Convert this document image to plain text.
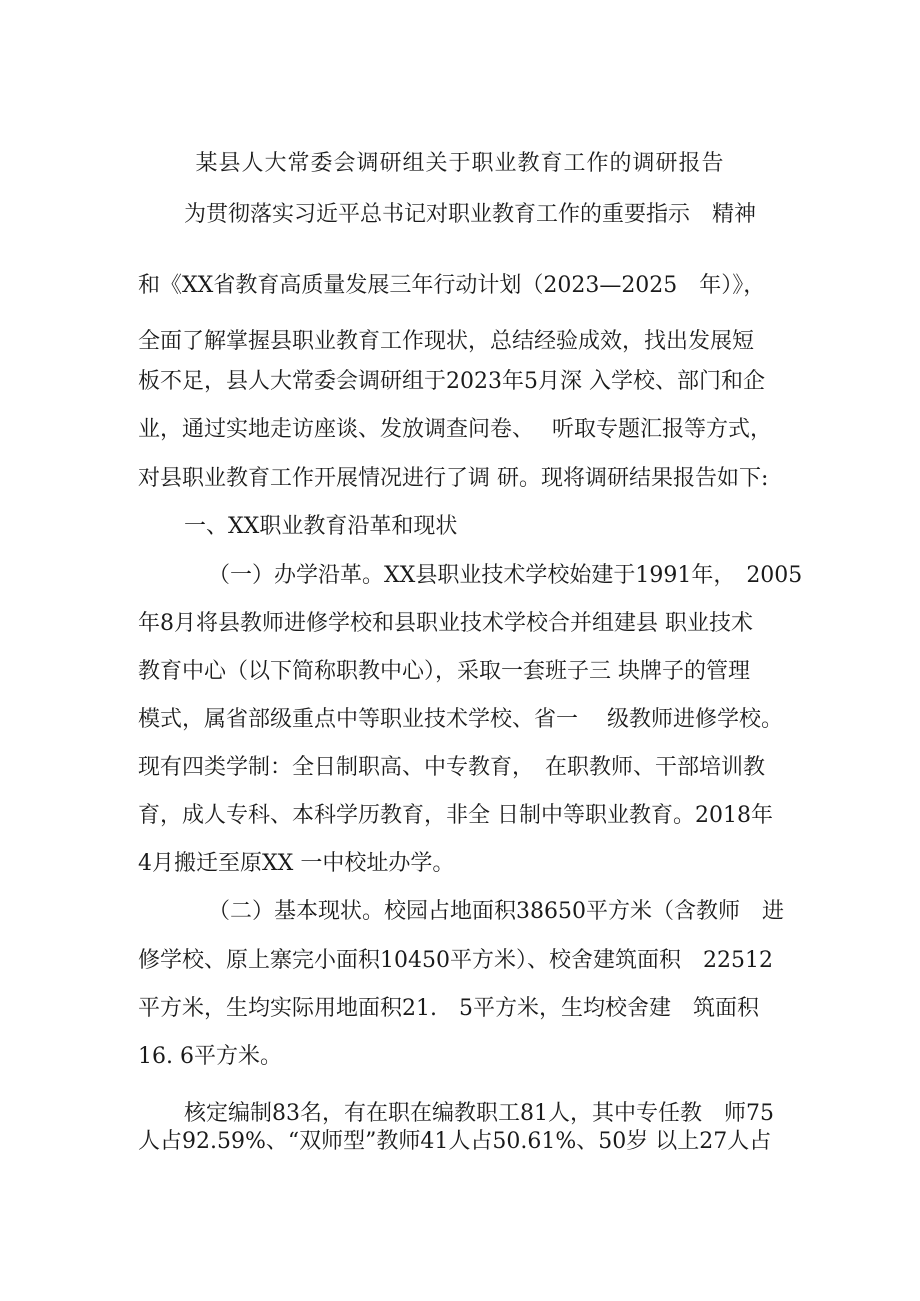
某县人大常委会调研组关于职业教育工作的调研报告
为贯彻落实习近平总书记对职业教育工作的重要指示　精神
和《XX省教育高质量发展三年行动计划（2023—2025　年）》，
全面了解掌握县职业教育工作现状，总结经验成效，找出发展短
板不足，县人大常委会调研组于2023年5月深 入学校、部门和企
业，通过实地走访座谈、发放调查问卷、　 听取专题汇报等方式，
对县职业教育工作开展情况进行了调 研。现将调研结果报告如下:
一、XX职业教育沿革和现状
（一）办学沿革。XX县职业技术学校始建于1991年，　2005
年8月将县教师进修学校和县职业技术学校合并组建县 职业技术
教育中心（以下简称职教中心），采取一套班子三 块牌子的管理
模式，属省部级重点中等职业技术学校、省一　 级教师进修学校。
现有四类学制：全日制职高、中专教育，　在职教师、干部培训教
育，成人专科、本科学历教育，非全 日制中等职业教育。2018年
4月搬迁至原XX 一中校址办学。
（二）基本现状。校园占地面积38650平方米（含教师　进
修学校、原上寨完小面积10450平方米）、校舍建筑面积　22512
平方米，生均实际用地面积21.　5平方米，生均校舍建　筑面积
16. 6平方米。
核定编制83名，有在职在编教职工81人，其中专任教　师75
人占92.59%、“双师型”教师41人占50.61%、50岁 以上27人占
